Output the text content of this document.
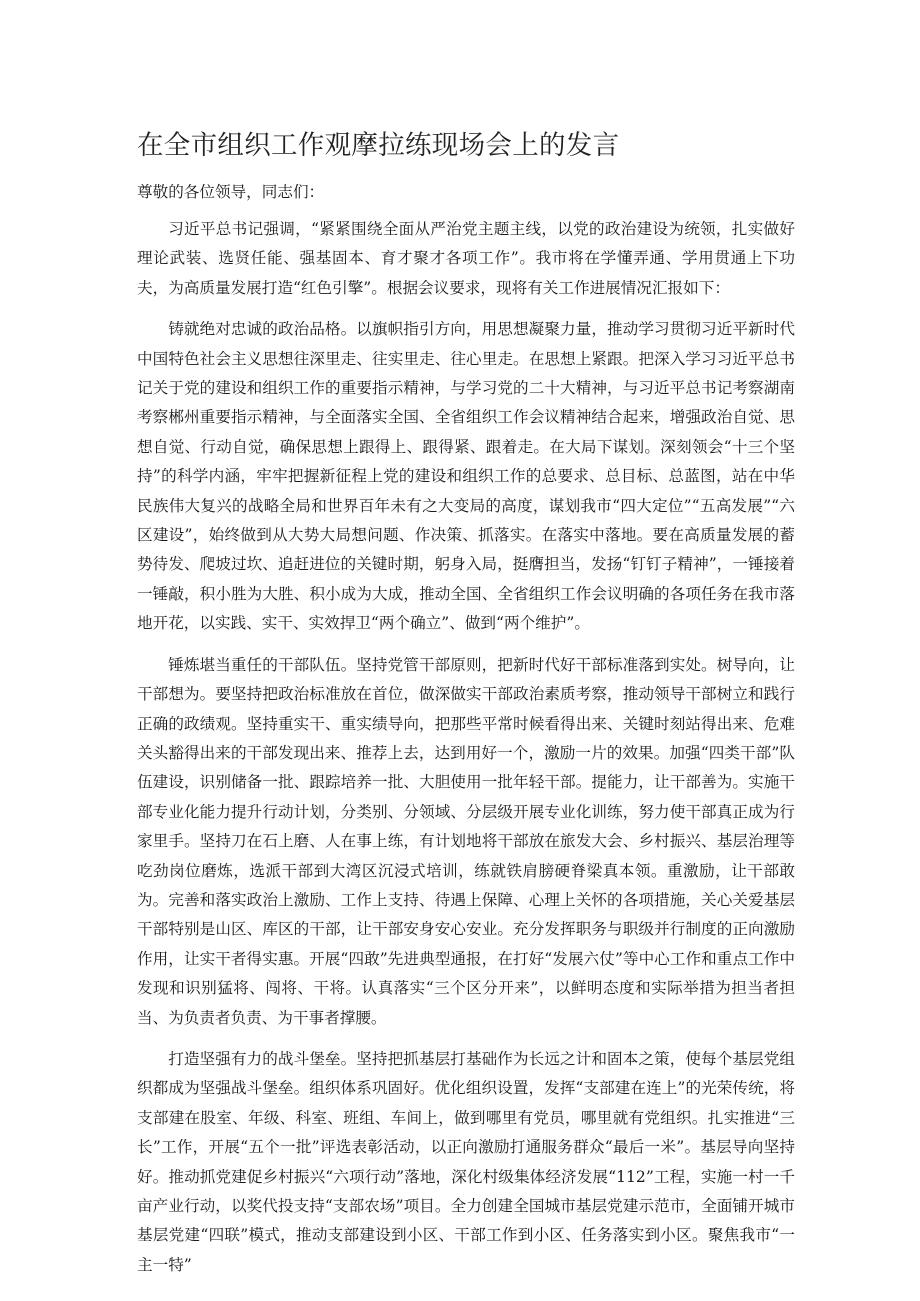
在全市组织工作观摩拉练现场会上的发言

尊敬的各位领导，同志们：

习近平总书记强调，“紧紧围绕全面从严治党主题主线，以党的政治建设为统领，扎实做好理论武装、选贤任能、强基固本、育才聚才各项工作”。我市将在学懂弄通、学用贯通上下功夫，为高质量发展打造“红色引擎”。根据会议要求，现将有关工作进展情况汇报如下：

铸就绝对忠诚的政治品格。以旗帜指引方向，用思想凝聚力量，推动学习贯彻习近平新时代中国特色社会主义思想往深里走、往实里走、往心里走。在思想上紧跟。把深入学习习近平总书记关于党的建设和组织工作的重要指示精神，与学习党的二十大精神，与习近平总书记考察湖南考察郴州重要指示精神，与全面落实全国、全省组织工作会议精神结合起来，增强政治自觉、思想自觉、行动自觉，确保思想上跟得上、跟得紧、跟着走。在大局下谋划。深刻领会“十三个坚持”的科学内涵，牢牢把握新征程上党的建设和组织工作的总要求、总目标、总蓝图，站在中华民族伟大复兴的战略全局和世界百年未有之大变局的高度，谋划我市“四大定位”“五高发展”“六区建设”，始终做到从大势大局想问题、作决策、抓落实。在落实中落地。要在高质量发展的蓄势待发、爬坡过坎、追赶进位的关键时期，躬身入局，挺膺担当，发扬“钉钉子精神”，一锤接着一锤敲，积小胜为大胜、积小成为大成，推动全国、全省组织工作会议明确的各项任务在我市落地开花，以实践、实干、实效捍卫“两个确立”、做到“两个维护”。

锤炼堪当重任的干部队伍。坚持党管干部原则，把新时代好干部标准落到实处。树导向，让干部想为。要坚持把政治标准放在首位，做深做实干部政治素质考察，推动领导干部树立和践行正确的政绩观。坚持重实干、重实绩导向，把那些平常时候看得出来、关键时刻站得出来、危难关头豁得出来的干部发现出来、推荐上去，达到用好一个，激励一片的效果。加强“四类干部”队伍建设，识别储备一批、跟踪培养一批、大胆使用一批年轻干部。提能力，让干部善为。实施干部专业化能力提升行动计划，分类别、分领域、分层级开展专业化训练，努力使干部真正成为行家里手。坚持刀在石上磨、人在事上练，有计划地将干部放在旅发大会、乡村振兴、基层治理等吃劲岗位磨炼，选派干部到大湾区沉浸式培训，练就铁肩膀硬脊梁真本领。重激励，让干部敢为。完善和落实政治上激励、工作上支持、待遇上保障、心理上关怀的各项措施，关心关爱基层干部特别是山区、库区的干部，让干部安身安心安业。充分发挥职务与职级并行制度的正向激励作用，让实干者得实惠。开展“四敢”先进典型通报，在打好“发展六仗”等中心工作和重点工作中发现和识别猛将、闯将、干将。认真落实“三个区分开来”，以鲜明态度和实际举措为担当者担当、为负责者负责、为干事者撑腰。

打造坚强有力的战斗堡垒。坚持把抓基层打基础作为长远之计和固本之策，使每个基层党组织都成为坚强战斗堡垒。组织体系巩固好。优化组织设置，发挥“支部建在连上”的光荣传统，将支部建在股室、年级、科室、班组、车间上，做到哪里有党员，哪里就有党组织。扎实推进“三长”工作，开展“五个一批”评选表彰活动，以正向激励打通服务群众“最后一米”。基层导向坚持好。推动抓党建促乡村振兴“六项行动”落地，深化村级集体经济发展“112”工程，实施一村一千亩产业行动，以奖代投支持“支部农场”项目。全力创建全国城市基层党建示范市，全面铺开城市基层党建“四联”模式，推动支部建设到小区、干部工作到小区、任务落实到小区。聚焦我市“一主一特”
